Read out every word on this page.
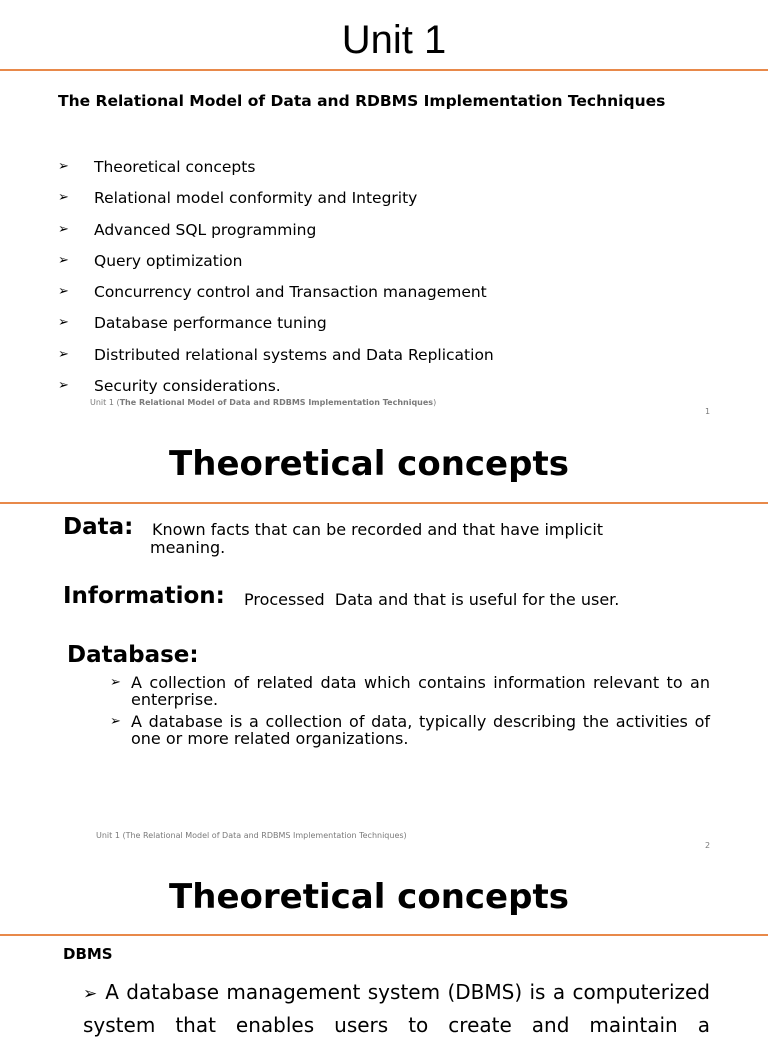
Unit 1
The Relational Model of Data and RDBMS Implementation Techniques
➢ Theoretical concepts
➢ Relational model conformity and Integrity
➢ Advanced SQL programming
➢ Query optimization
➢ Concurrency control and Transaction management
➢ Database performance tuning
➢ Distributed relational systems and Data Replication
➢ Security considerations.
Unit 1 (The Relational Model of Data and RDBMS Implementation Techniques)
1
Theoretical concepts
Data: Known facts that can be recorded and that have implicit
meaning.
Information: Processed  Data and that is useful for the user.
Database:
➢ A collection of related data which contains information relevant to an enterprise.
➢ A database is a collection of data, typically describing the activities of one or more related organizations.
Unit 1 (The Relational Model of Data and RDBMS Implementation Techniques)
2
Theoretical concepts
DBMS
➢ A database management system (DBMS) is a computerized system that enables users to create and maintain a
